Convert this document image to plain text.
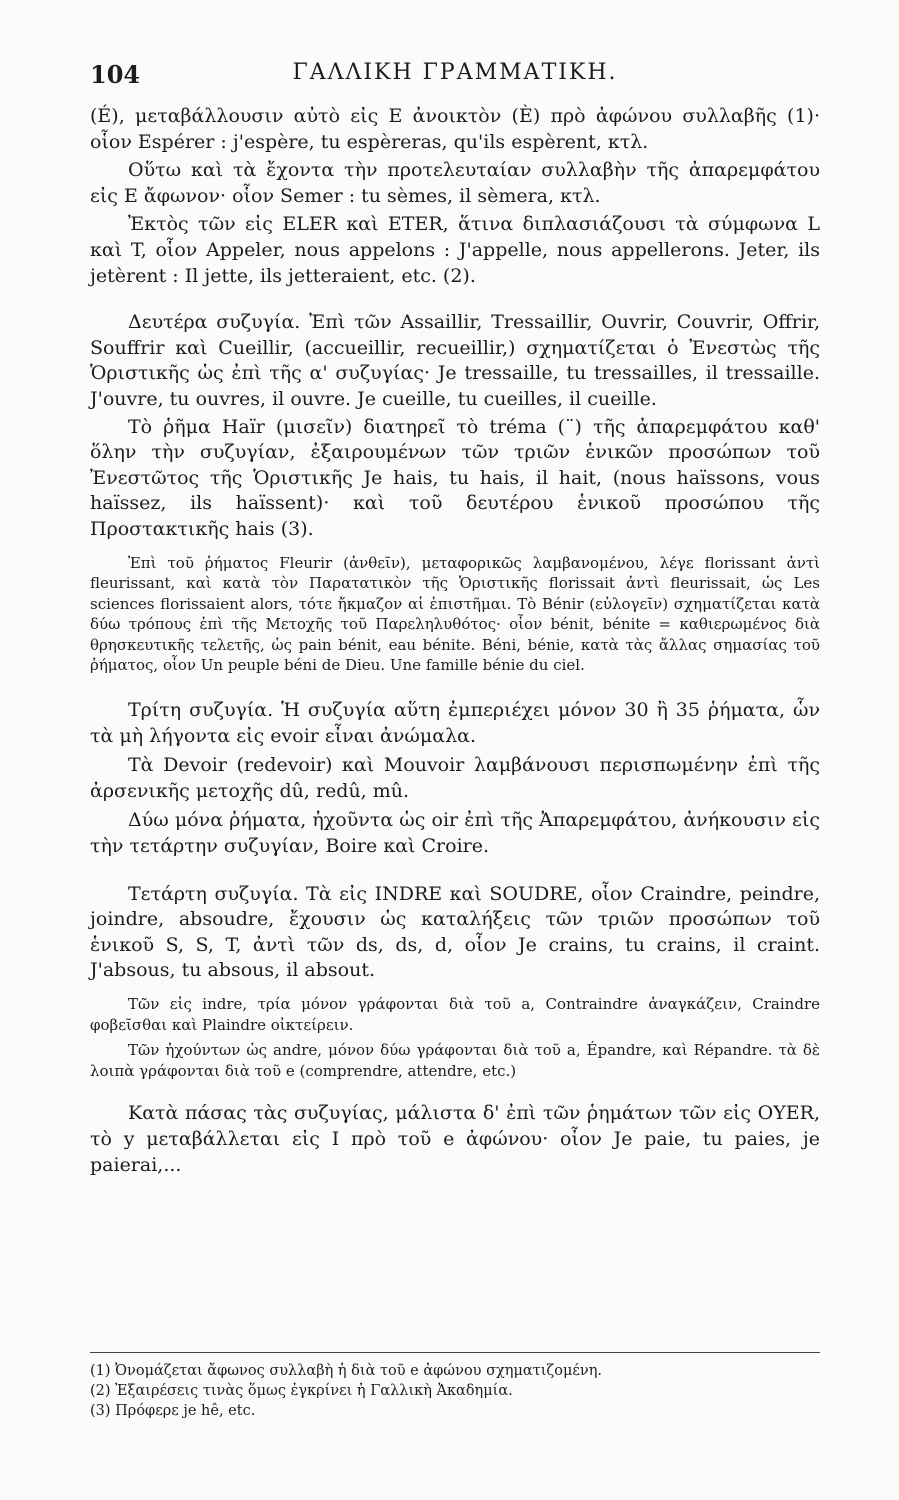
104	ΓΑΛΛΙΚΗ ΓΡΑΜΜΑΤΙΚΗ.

(É), μεταβάλλουσιν αὐτὸ εἰς E ἀνοικτὸν (È) πρὸ ἀφώνου συλλαβῆς (1)· οἷον Espérer : j'espère, tu espèreras, qu'ils espèrent, κτλ.

Οὕτω καὶ τὰ ἔχοντα τὴν προτελευταίαν συλλαβὴν τῆς ἀπαρεμφάτου εἰς E ἄφωνον· οἷον Semer : tu sèmes, il sèmera, κτλ.

Ἐκτὸς τῶν εἰς ELER καὶ ETER, ἅτινα διπλασιάζουσι τὰ σύμφωνα L καὶ T, οἷον Appeler, nous appelons : J'appelle, nous appellerons. Jeter, ils jetèrent : Il jette, ils jetteraient, etc. (2).

Δευτέρα συζυγία. Ἐπὶ τῶν Assaillir, Tressaillir, Ouvrir, Couvrir, Offrir, Souffrir καὶ Cueillir, (accueillir, recueillir,) σχηματίζεται ὁ Ἐνεστὼς τῆς Ὁριστικῆς ὡς ἐπὶ τῆς α' συζυγίας· Je tressaille, tu tressailles, il tressaille. J'ouvre, tu ouvres, il ouvre. Je cueille, tu cueilles, il cueille.

Τὸ ῥῆμα Haïr (μισεῖν) διατηρεῖ τὸ tréma (¨) τῆς ἀπαρεμφάτου καθ' ὅλην τὴν συζυγίαν, ἐξαιρουμένων τῶν τριῶν ἑνικῶν προσώπων τοῦ Ἐνεστῶτος τῆς Ὁριστικῆς Je hais, tu hais, il hait, (nous haïssons, vous haïssez, ils haïssent)· καὶ τοῦ δευτέρου ἑνικοῦ προσώπου τῆς Προστακτικῆς hais (3).

Ἐπὶ τοῦ ῥήματος Fleurir (ἀνθεῖν), μεταφορικῶς λαμβανομένου, λέγε florissant ἀντὶ fleurissant, καὶ κατὰ τὸν Παρατατικὸν τῆς Ὁριστικῆς florissait ἀντὶ fleurissait, ὡς Les sciences florissaient alors, τότε ἤκμαζον αἱ ἐπιστῆμαι. Τὸ Bénir (εὐλογεῖν) σχηματίζεται κατὰ δύω τρόπους ἐπὶ τῆς Μετοχῆς τοῦ Παρεληλυθότος· οἷον bénit, bénite = καθιερωμένος διὰ θρησκευτικῆς τελετῆς, ὡς pain bénit, eau bénite. Béni, bénie, κατὰ τὰς ἄλλας σημασίας τοῦ ῥήματος, οἷον Un peuple béni de Dieu. Une famille bénie du ciel.

Τρίτη συζυγία. Ἡ συζυγία αὕτη ἐμπεριέχει μόνον 30 ἢ 35 ῥήματα, ὧν τὰ μὴ λήγοντα εἰς evoir εἶναι ἀνώμαλα.

Τὰ Devoir (redevoir) καὶ Mouvoir λαμβάνουσι περισπωμένην ἐπὶ τῆς ἀρσενικῆς μετοχῆς dû, redû, mû.

Δύω μόνα ῥήματα, ἠχοῦντα ὡς oir ἐπὶ τῆς Ἀπαρεμφάτου, ἀνήκουσιν εἰς τὴν τετάρτην συζυγίαν, Boire καὶ Croire.

Τετάρτη συζυγία. Τὰ εἰς INDRE καὶ SOUDRE, οἷον Craindre, peindre, joindre, absoudre, ἔχουσιν ὡς καταλήξεις τῶν τριῶν προσώπων τοῦ ἑνικοῦ S, S, T, ἀντὶ τῶν ds, ds, d, οἷον Je crains, tu crains, il craint. J'absous, tu absous, il absout.

Τῶν εἰς indre, τρία μόνον γράφονται διὰ τοῦ a, Contraindre ἀναγκάζειν, Craindre φοβεῖσθαι καὶ Plaindre οἰκτείρειν.

Τῶν ἠχούντων ὡς andre, μόνον δύω γράφονται διὰ τοῦ a, Épandre, καὶ Répandre. τὰ δὲ λοιπὰ γράφονται διὰ τοῦ e (comprendre, attendre, etc.)

Κατὰ πάσας τὰς συζυγίας, μάλιστα δ' ἐπὶ τῶν ῥημάτων τῶν εἰς OYER, τὸ y μεταβάλλεται εἰς I πρὸ τοῦ e ἀφώνου· οἷον Je paie, tu paies, je paierai,...

(1) Ὀνομάζεται ἄφωνος συλλαβὴ ἡ διὰ τοῦ e ἀφώνου σχηματιζομένη.
(2) Ἐξαιρέσεις τινὰς ὅμως ἐγκρίνει ἡ Γαλλικὴ Ἀκαδημία.
(3) Πρόφερε je hê, etc.
